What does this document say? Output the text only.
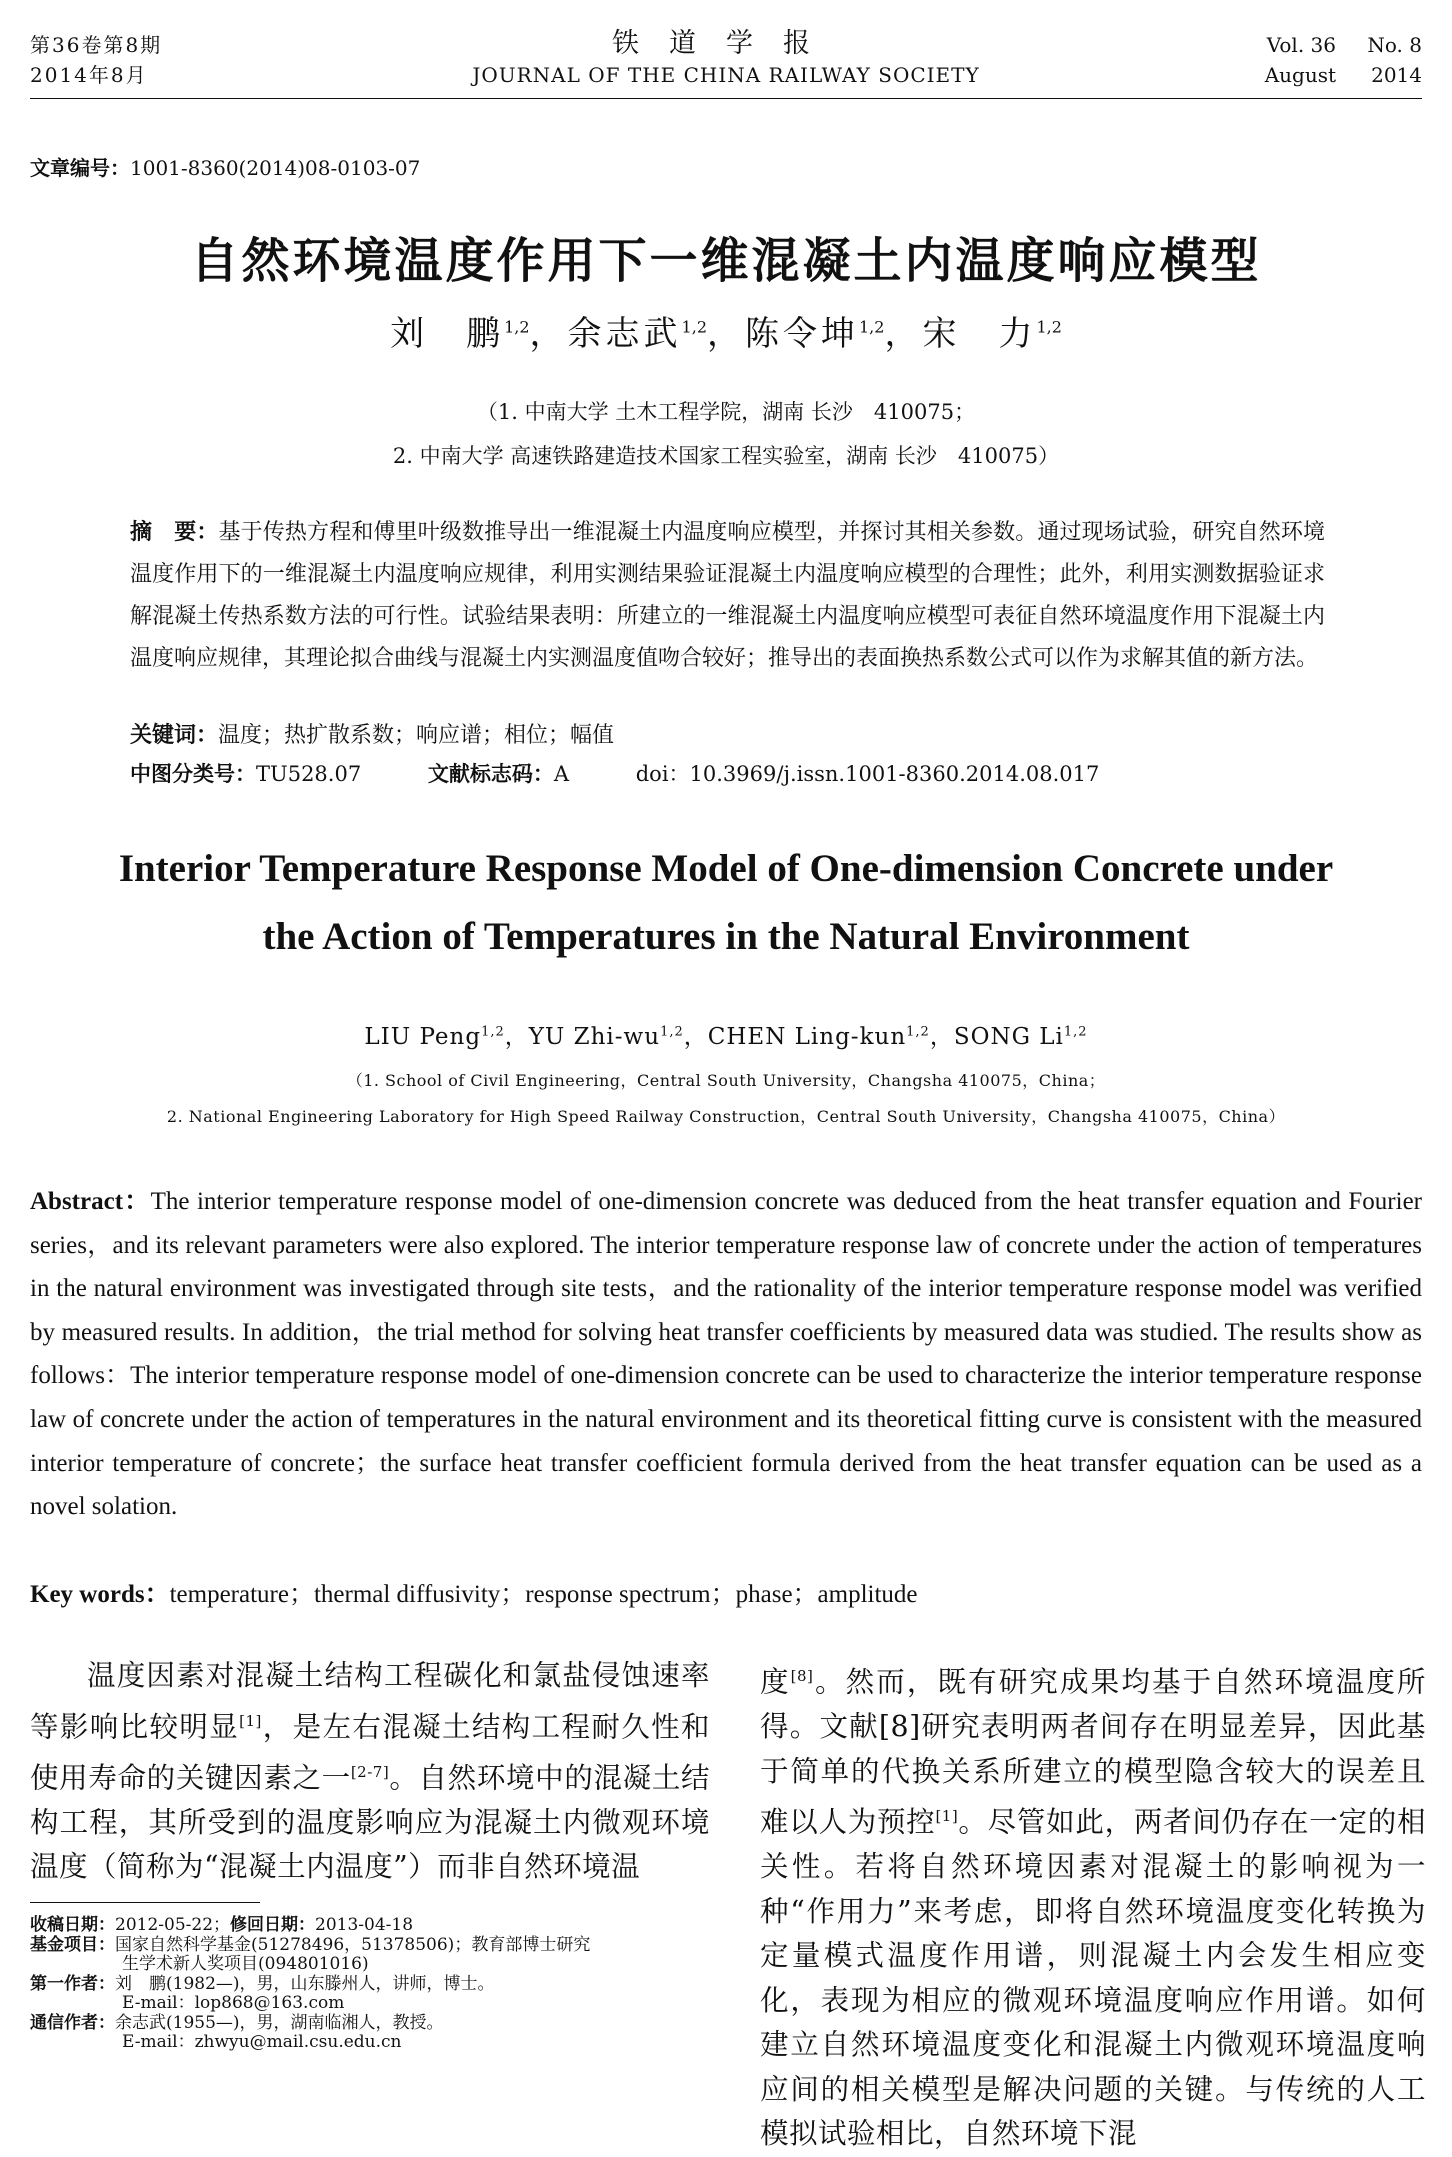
第36卷第8期
2014年8月
铁道学报
JOURNAL OF THE CHINA RAILWAY SOCIETY
Vol. 36
August
No. 8
2014
文章编号：1001-8360(2014)08-0103-07
自然环境温度作用下一维混凝土内温度响应模型
刘　鹏$^{1,2}$，余志武$^{1,2}$，陈令坤$^{1,2}$，宋　力$^{1,2}$
（1. 中南大学 土木工程学院，湖南 长沙　410075；
2. 中南大学 高速铁路建造技术国家工程实验室，湖南 长沙　410075）
摘　要：基于传热方程和傅里叶级数推导出一维混凝土内温度响应模型，并探讨其相关参数。通过现场试验，研究自然环境温度作用下的一维混凝土内温度响应规律，利用实测结果验证混凝土内温度响应模型的合理性；此外，利用实测数据验证求解混凝土传热系数方法的可行性。试验结果表明：所建立的一维混凝土内温度响应模型可表征自然环境温度作用下混凝土内温度响应规律，其理论拟合曲线与混凝土内实测温度值吻合较好；推导出的表面换热系数公式可以作为求解其值的新方法。
关键词：温度；热扩散系数；响应谱；相位；幅值
中图分类号：TU528.07	文献标志码：A	doi：10.3969/j.issn.1001-8360.2014.08.017
Interior Temperature Response Model of One-dimension Concrete under
the Action of Temperatures in the Natural Environment
LIU Peng$^{1,2}$，YU Zhi-wu$^{1,2}$，CHEN Ling-kun$^{1,2}$，SONG Li$^{1,2}$
（1. School of Civil Engineering，Central South University，Changsha 410075，China；
2. National Engineering Laboratory for High Speed Railway Construction，Central South University，Changsha 410075，China）
Abstract：The interior temperature response model of one-dimension concrete was deduced from the heat transfer equation and Fourier series，and its relevant parameters were also explored. The interior temperature response law of concrete under the action of temperatures in the natural environment was investigated through site tests，and the rationality of the interior temperature response model was verified by measured results. In addition，the trial method for solving heat transfer coefficients by measured data was studied. The results show as follows：The interior temperature response model of one-dimension concrete can be used to characterize the interior temperature response law of concrete under the action of temperatures in the natural environment and its theoretical fitting curve is consistent with the measured interior temperature of concrete；the surface heat transfer coefficient formula derived from the heat transfer equation can be used as a novel solation.
Key words：temperature；thermal diffusivity；response spectrum；phase；amplitude
温度因素对混凝土结构工程碳化和氯盐侵蚀速率等影响比较明显[1]，是左右混凝土结构工程耐久性和使用寿命的关键因素之一[2-7]。自然环境中的混凝土结构工程，其所受到的温度影响应为混凝土内微观环境温度（简称为“混凝土内温度”）而非自然环境温
度[8]。然而，既有研究成果均基于自然环境温度所得。文献[8]研究表明两者间存在明显差异，因此基于简单的代换关系所建立的模型隐含较大的误差且难以人为预控[1]。尽管如此，两者间仍存在一定的相关性。若将自然环境因素对混凝土的影响视为一种“作用力”来考虑，即将自然环境温度变化转换为定量模式温度作用谱，则混凝土内会发生相应变化，表现为相应的微观环境温度响应作用谱。如何建立自然环境温度变化和混凝土内微观环境温度响应间的相关模型是解决问题的关键。与传统的人工模拟试验相比，自然环境下混
收稿日期： 2012-05-22； 修回日期： 2013-04-18
基金项目： 国家自然科学基金(51278496，51378506)；教育部博士研究
生学术新人奖项目(094801016)
第一作者： 刘　鹏(1982—)，男，山东滕州人，讲师，博士。
E-mail：lop868@163.com
通信作者： 余志武(1955—)，男，湖南临湘人，教授。
E-mail：zhwyu@mail.csu.edu.cn
